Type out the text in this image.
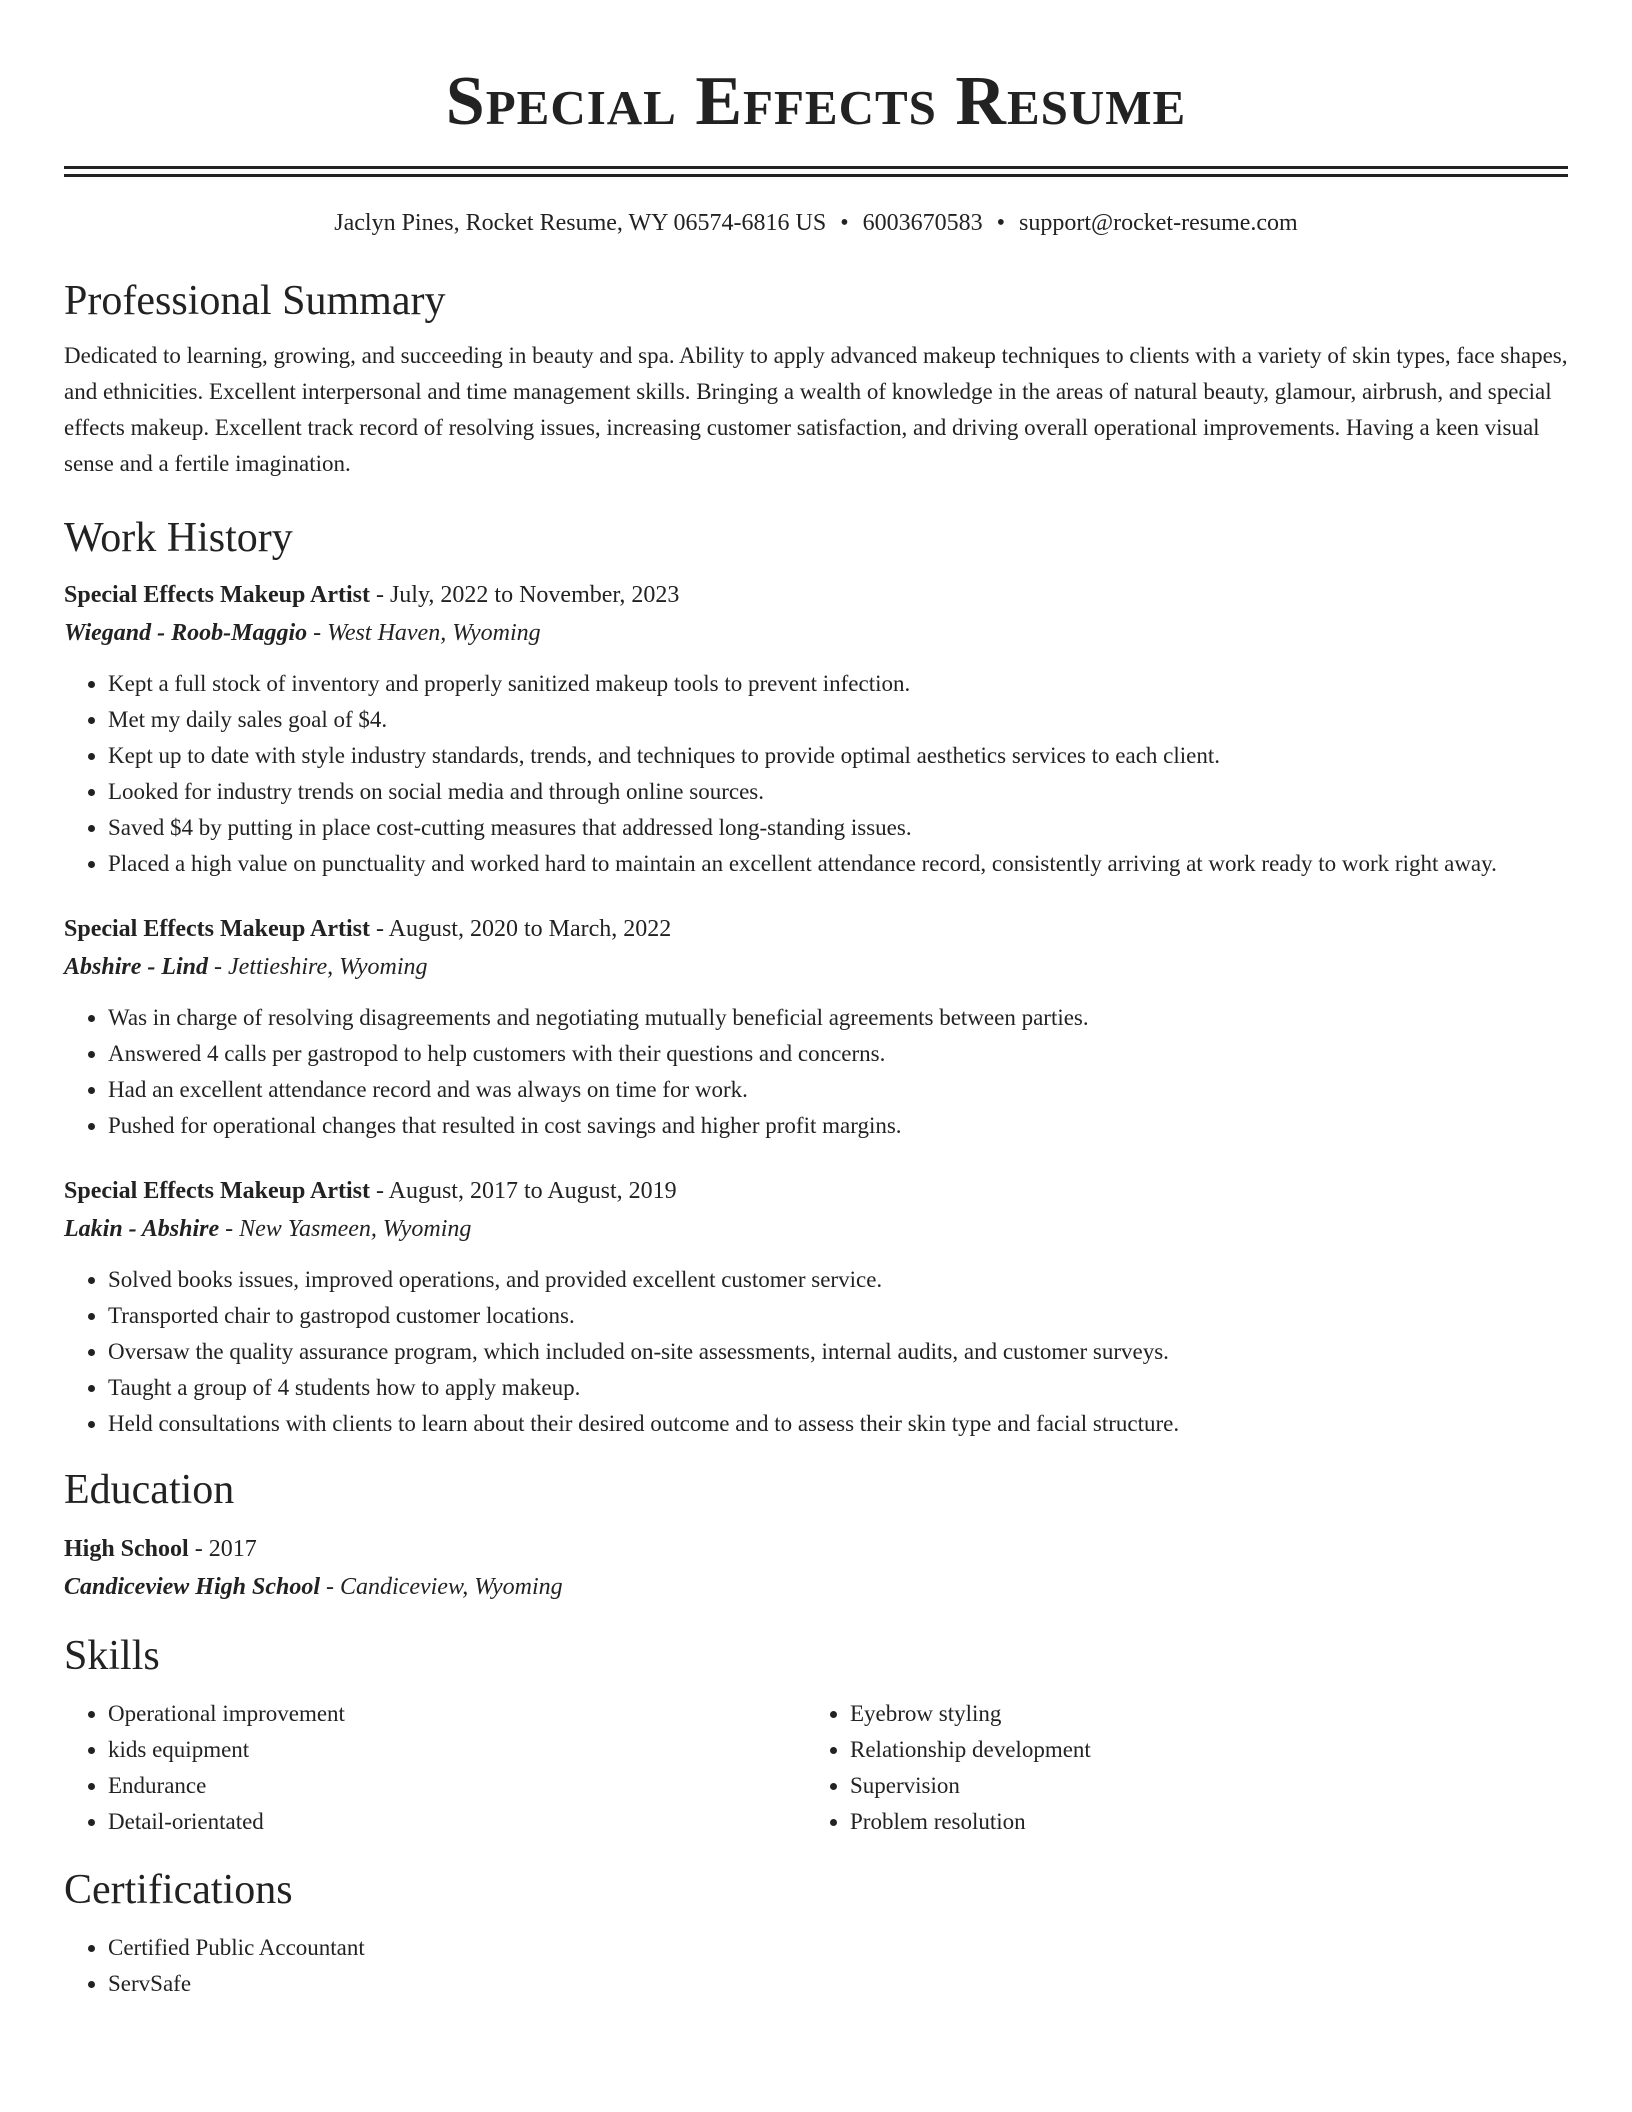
Special Effects Resume
Jaclyn Pines, Rocket Resume, WY 06574-6816 US • 6003670583 • support@rocket-resume.com
Professional Summary

Dedicated to learning, growing, and succeeding in beauty and spa. Ability to apply advanced makeup techniques to clients with a variety of skin types, face shapes, and ethnicities. Excellent interpersonal and time management skills. Bringing a wealth of knowledge in the areas of natural beauty, glamour, airbrush, and special effects makeup. Excellent track record of resolving issues, increasing customer satisfaction, and driving overall operational improvements. Having a keen visual sense and a fertile imagination.

Work History
Special Effects Makeup Artist - July, 2022 to November, 2023
Wiegand - Roob-Maggio - West Haven, Wyoming
• Kept a full stock of inventory and properly sanitized makeup tools to prevent infection.
• Met my daily sales goal of $4.
• Kept up to date with style industry standards, trends, and techniques to provide optimal aesthetics services to each client.
• Looked for industry trends on social media and through online sources.
• Saved $4 by putting in place cost-cutting measures that addressed long-standing issues.
• Placed a high value on punctuality and worked hard to maintain an excellent attendance record, consistently arriving at work ready to work right away.
Special Effects Makeup Artist - August, 2020 to March, 2022
Abshire - Lind - Jettieshire, Wyoming
• Was in charge of resolving disagreements and negotiating mutually beneficial agreements between parties.
• Answered 4 calls per gastropod to help customers with their questions and concerns.
• Had an excellent attendance record and was always on time for work.
• Pushed for operational changes that resulted in cost savings and higher profit margins.
Special Effects Makeup Artist - August, 2017 to August, 2019
Lakin - Abshire - New Yasmeen, Wyoming
• Solved books issues, improved operations, and provided excellent customer service.
• Transported chair to gastropod customer locations.
• Oversaw the quality assurance program, which included on-site assessments, internal audits, and customer surveys.
• Taught a group of 4 students how to apply makeup.
• Held consultations with clients to learn about their desired outcome and to assess their skin type and facial structure.
Education
High School - 2017
Candiceview High School - Candiceview, Wyoming
Skills
• Operational improvement
• kids equipment
• Endurance
• Detail-orientated
• Eyebrow styling
• Relationship development
• Supervision
• Problem resolution
Certifications
• Certified Public Accountant
• ServSafe
